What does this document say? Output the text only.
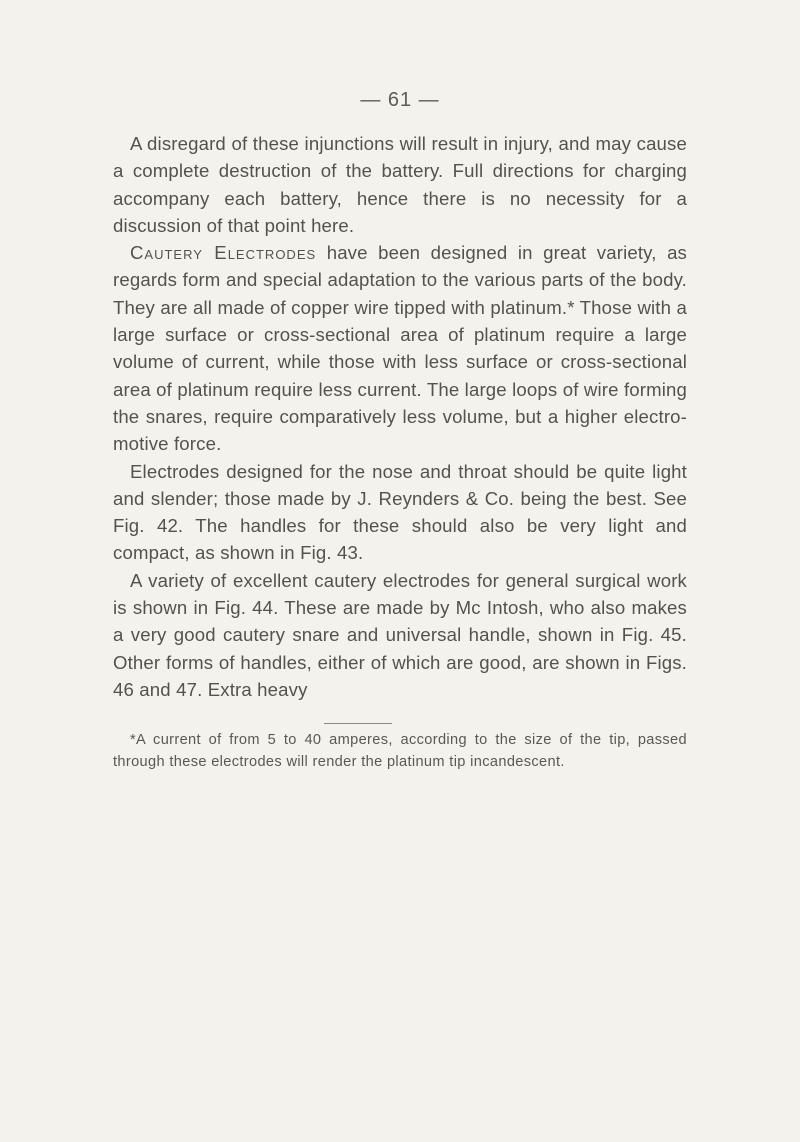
— 61 —

A disregard of these injunctions will result in injury, and may cause a complete destruction of the battery. Full directions for charging accompany each battery, hence there is no necessity for a discussion of that point here.

Cautery Electrodes have been designed in great variety, as regards form and special adaptation to the various parts of the body. They are all made of copper wire tipped with platinum.* Those with a large surface or cross-sectional area of platinum require a large volume of current, while those with less surface or cross-sectional area of platinum require less current. The large loops of wire forming the snares, require comparatively less volume, but a higher electro-motive force.

Electrodes designed for the nose and throat should be quite light and slender; those made by J. Reynders & Co. being the best. See Fig. 42. The handles for these should also be very light and compact, as shown in Fig. 43.

A variety of excellent cautery electrodes for general surgical work is shown in Fig. 44. These are made by Mc Intosh, who also makes a very good cautery snare and universal handle, shown in Fig. 45. Other forms of handles, either of which are good, are shown in Figs. 46 and 47. Extra heavy

*A current of from 5 to 40 amperes, according to the size of the tip, passed through these electrodes will render the platinum tip incandescent.
